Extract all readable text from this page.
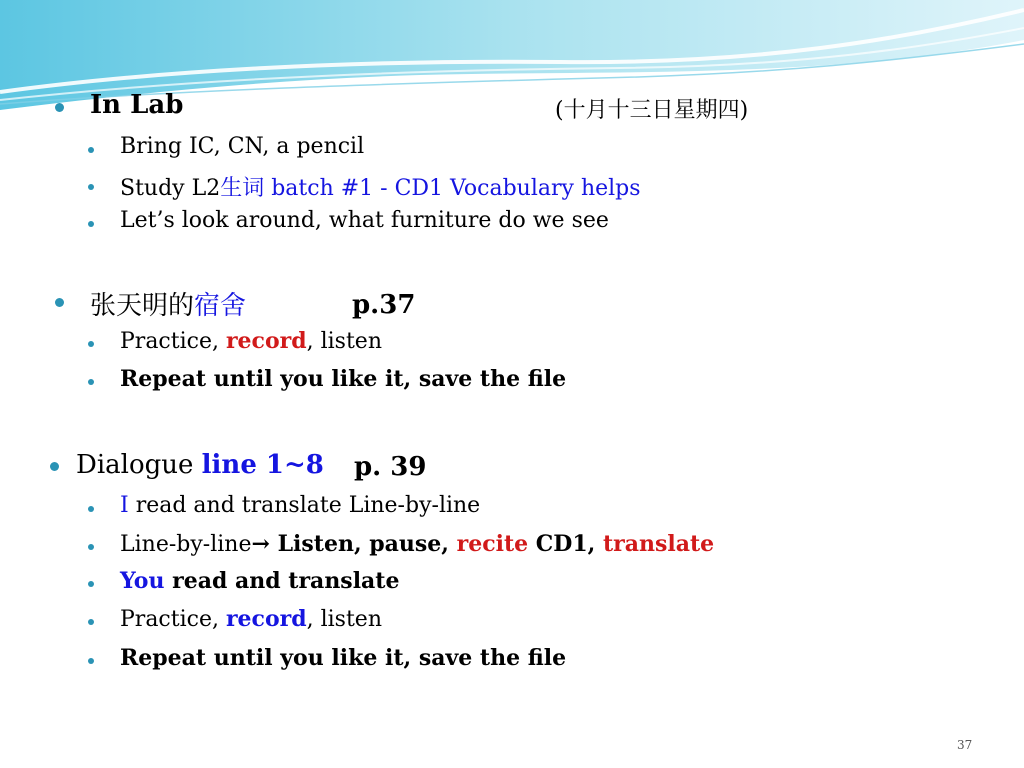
In Lab	(十月十三日星期四)
Bring IC, CN, a pencil
Study L2生词 batch #1 - CD1 Vocabulary helps
Let’s look around, what furniture do we see
张天明的宿舍	p.37
Practice, record, listen
Repeat until you like it, save the file
Dialogue line 1~8 p. 39
I read and translate Line-by-line
Line-by-line→ Listen, pause, recite CD1, translate
You read and translate
Practice, record, listen
Repeat until you like it, save the file
37
